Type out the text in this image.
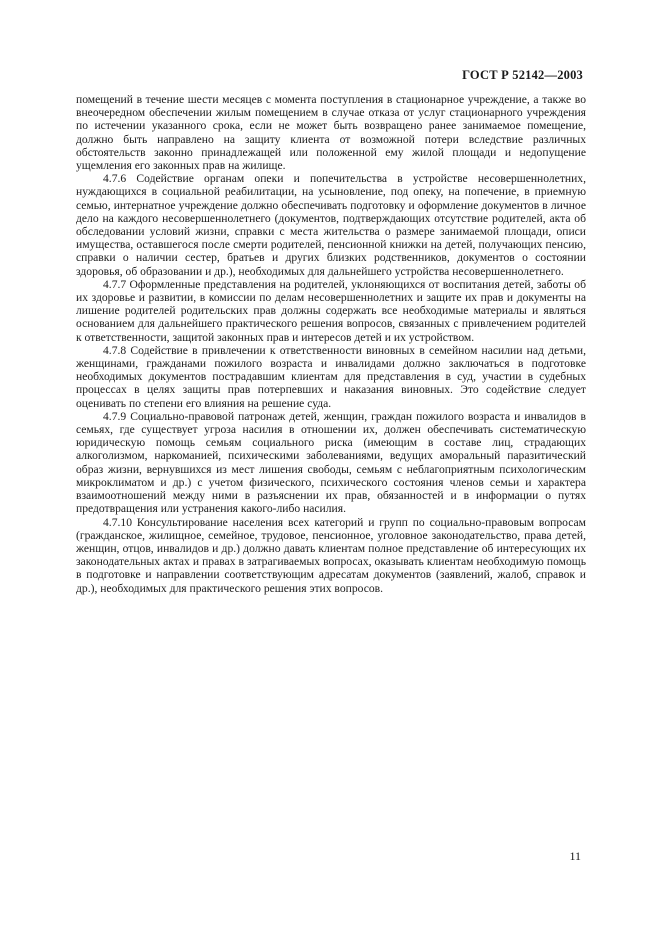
ГОСТ Р 52142—2003

помещений в течение шести месяцев с момента поступления в стационарное учреждение, а также во внеочередном обеспечении жилым помещением в случае отказа от услуг стационарного учреждения по истечении указанного срока, если не может быть возвращено ранее занимаемое помещение, должно быть направлено на защиту клиента от возможной потери вследствие различных обстоятельств законно принадлежащей или положенной ему жилой площади и недопущение ущемления его законных прав на жилище.

4.7.6 Содействие органам опеки и попечительства в устройстве несовершеннолетних, нуждающихся в социальной реабилитации, на усыновление, под опеку, на попечение, в приемную семью, интернатное учреждение должно обеспечивать подготовку и оформление документов в личное дело на каждого несовершеннолетнего (документов, подтверждающих отсутствие родителей, акта об обследовании условий жизни, справки с места жительства о размере занимаемой площади, описи имущества, оставшегося после смерти родителей, пенсионной книжки на детей, получающих пенсию, справки о наличии сестер, братьев и других близких родственников, документов о состоянии здоровья, об образовании и др.), необходимых для дальнейшего устройства несовершеннолетнего.

4.7.7 Оформленные представления на родителей, уклоняющихся от воспитания детей, заботы об их здоровье и развитии, в комиссии по делам несовершеннолетних и защите их прав и документы на лишение родителей родительских прав должны содержать все необходимые материалы и являться основанием для дальнейшего практического решения вопросов, связанных с привлечением родителей к ответственности, защитой законных прав и интересов детей и их устройством.

4.7.8 Содействие в привлечении к ответственности виновных в семейном насилии над детьми, женщинами, гражданами пожилого возраста и инвалидами должно заключаться в подготовке необходимых документов пострадавшим клиентам для представления в суд, участии в судебных процессах в целях защиты прав потерпевших и наказания виновных. Это содействие следует оценивать по степени его влияния на решение суда.

4.7.9 Социально-правовой патронаж детей, женщин, граждан пожилого возраста и инвалидов в семьях, где существует угроза насилия в отношении их, должен обеспечивать систематическую юридическую помощь семьям социального риска (имеющим в составе лиц, страдающих алкоголизмом, наркоманией, психическими заболеваниями, ведущих аморальный паразитический образ жизни, вернувшихся из мест лишения свободы, семьям с неблагоприятным психологическим микроклиматом и др.) с учетом физического, психического состояния членов семьи и характера взаимоотношений между ними в разъяснении их прав, обязанностей и в информации о путях предотвращения или устранения какого-либо насилия.

4.7.10 Консультирование населения всех категорий и групп по социально-правовым вопросам (гражданское, жилищное, семейное, трудовое, пенсионное, уголовное законодательство, права детей, женщин, отцов, инвалидов и др.) должно давать клиентам полное представление об интересующих их законодательных актах и правах в затрагиваемых вопросах, оказывать клиентам необходимую помощь в подготовке и направлении соответствующим адресатам документов (заявлений, жалоб, справок и др.), необходимых для практического решения этих вопросов.

11
